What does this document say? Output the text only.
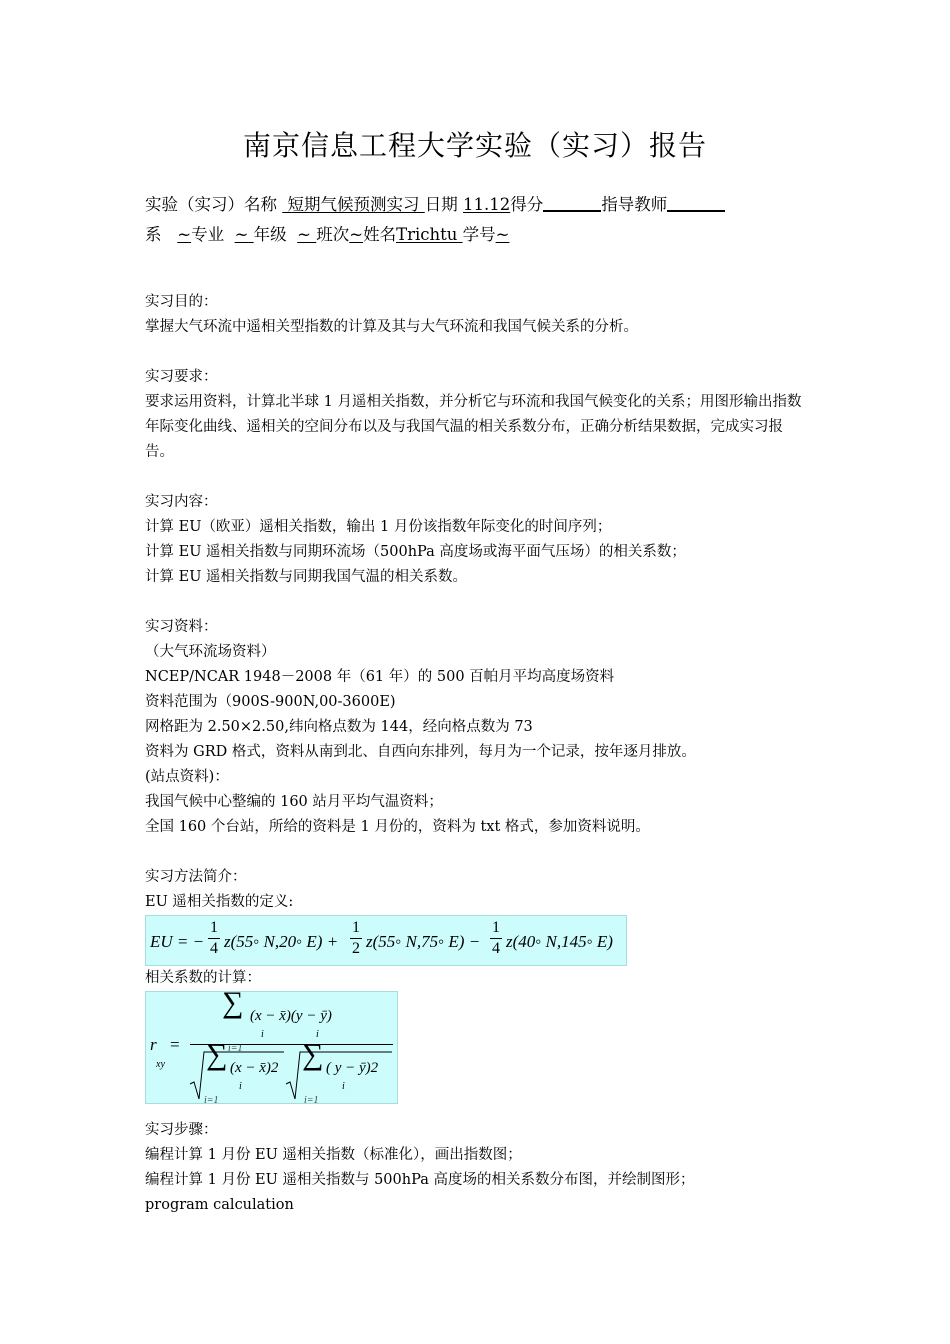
南京信息工程大学实验（实习）报告
实验（实习）名称 短期气候预测实习 日期 11.12得分	指导教师
系 ~专业 ~ 年级 ~ 班次~姓名Trichtu 学号~

实习目的：

掌握大气环流中遥相关型指数的计算及其与大气环流和我国气候关系的分析。

实习要求：

要求运用资料，计算北半球 1 月遥相关指数，并分析它与环流和我国气候变化的关系；用图形输出指数年际变化曲线、遥相关的空间分布以及与我国气温的相关系数分布，正确分析结果数据，完成实习报告。

实习内容：

计算 EU（欧亚）遥相关指数，输出 1 月份该指数年际变化的时间序列；

计算 EU 遥相关指数与同期环流场（500hPa 高度场或海平面气压场）的相关系数；

计算 EU 遥相关指数与同期我国气温的相关系数。

实习资料：

（大气环流场资料）

NCEP/NCAR 1948－2008 年（61 年）的 500 百帕月平均高度场资料

资料范围为（900S-900N,00-3600E)

网格距为 2.50×2.50,纬向格点数为 144，经向格点数为 73

资料为 GRD 格式，资料从南到北、自西向东排列，每月为一个记录，按年逐月排放。

(站点资料)：

我国气候中心整编的 160 站月平均气温资料；

全国 160 个台站，所给的资料是 1 月份的，资料为 txt 格式，参加资料说明。

实习方法简介：

EU 遥相关指数的定义:

EU = − $\frac{1}{4}$ z(55◦ N,20◦ $E) + \frac{1}{2}$ z(55◦ N,75◦ $E) - \frac{1}{4}$ z(40◦ N,145◦ E)

相关系数的计算：

r
xy
=
∑ (x − x̄)(y − ȳ)
i	i
i=1
∑ (x − x̄)2
i
i=1
∑ ( y − ȳ)2
i
i=1

实习步骤：

编程计算 1 月份 EU 遥相关指数（标准化），画出指数图；

编程计算 1 月份 EU 遥相关指数与 500hPa 高度场的相关系数分布图，并绘制图形；

program calculation
